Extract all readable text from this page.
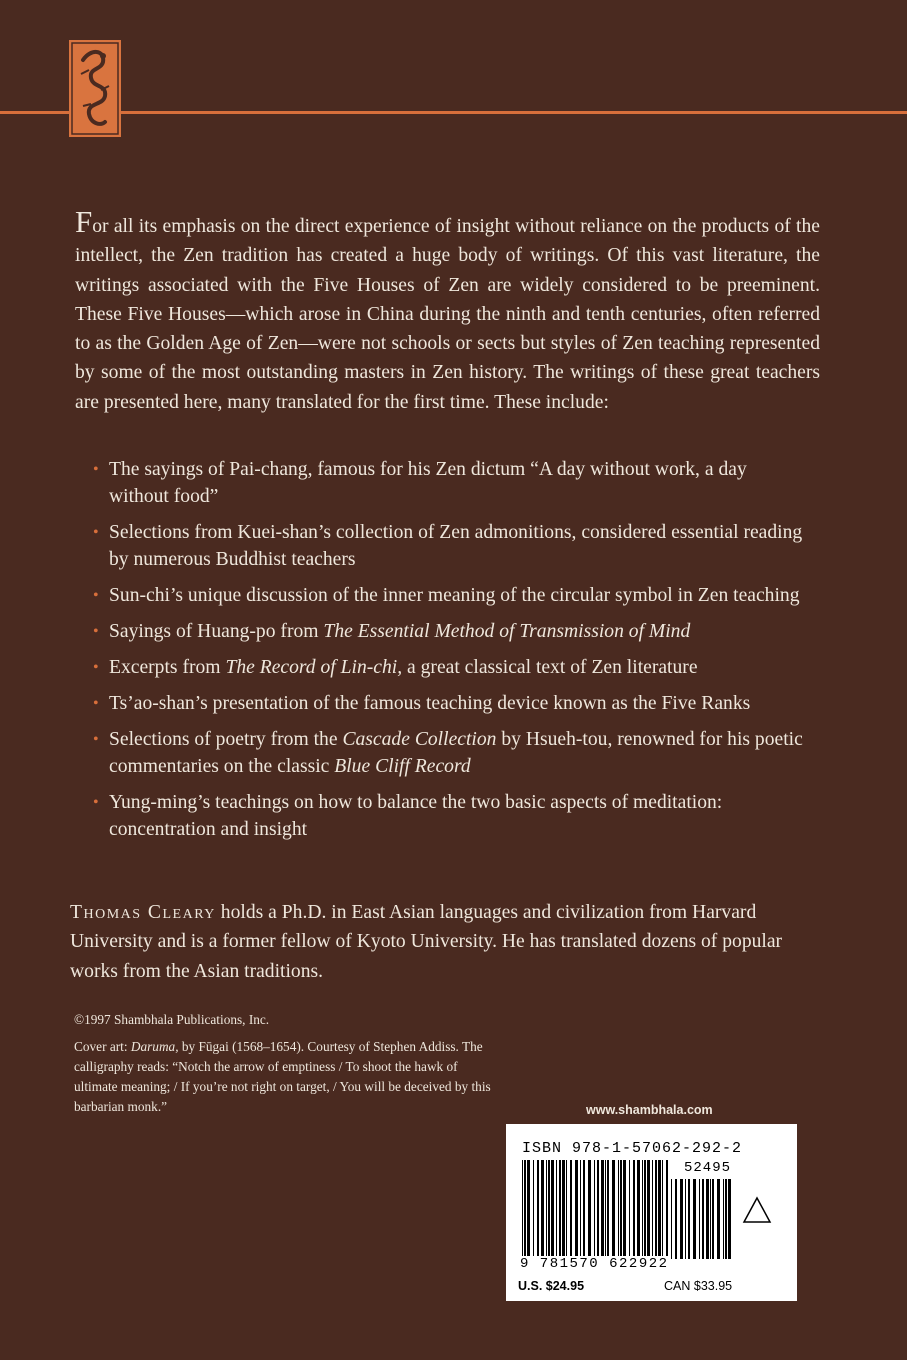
For all its emphasis on the direct experience of insight without reliance on the products of the intellect, the Zen tradition has created a huge body of writings. Of this vast literature, the writings associated with the Five Houses of Zen are widely considered to be preeminent. These Five Houses—which arose in China during the ninth and tenth centuries, often referred to as the Golden Age of Zen—were not schools or sects but styles of Zen teaching represented by some of the most outstanding masters in Zen history. The writings of these great teachers are presented here, many translated for the first time. These include:

• The sayings of Pai-chang, famous for his Zen dictum “A day without work, a day without food”
• Selections from Kuei-shan’s collection of Zen admonitions, considered essential reading by numerous Buddhist teachers
• Sun-chi’s unique discussion of the inner meaning of the circular symbol in Zen teaching
• Sayings of Huang-po from The Essential Method of Transmission of Mind
• Excerpts from The Record of Lin-chi, a great classical text of Zen literature
• Ts’ao-shan’s presentation of the famous teaching device known as the Five Ranks
• Selections of poetry from the Cascade Collection by Hsueh-tou, renowned for his poetic commentaries on the classic Blue Cliff Record
• Yung-ming’s teachings on how to balance the two basic aspects of meditation: concentration and insight

Thomas Cleary holds a Ph.D. in East Asian languages and civilization from Harvard University and is a former fellow of Kyoto University. He has translated dozens of popular works from the Asian traditions.

©1997 Shambhala Publications, Inc.

Cover art: Daruma, by Fūgai (1568–1654). Courtesy of Stephen Addiss. The calligraphy reads: “Notch the arrow of emptiness / To shoot the hawk of ultimate meaning; / If you’re not right on target, / You will be deceived by this barbarian monk.”	www.shambhala.com
ISBN 978-1-57062-292-2
52495
9 781570 622922
U.S. $24.95	CAN $33.95
